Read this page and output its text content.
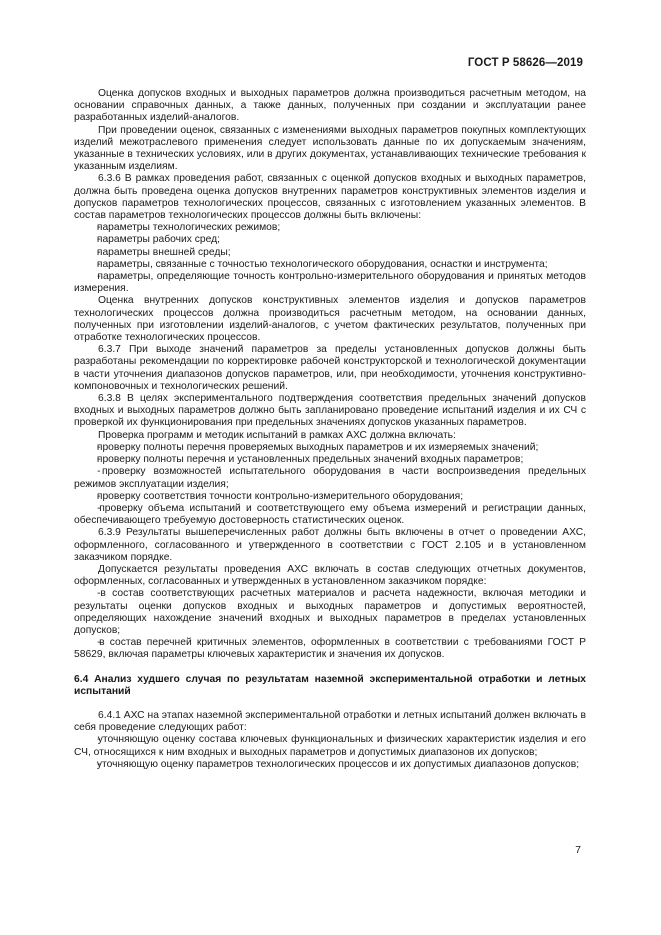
ГОСТ Р 58626—2019

Оценка допусков входных и выходных параметров должна производиться расчетным методом, на основании справочных данных, а также данных, полученных при создании и эксплуатации ранее разработанных изделий-аналогов.

При проведении оценок, связанных с изменениями выходных параметров покупных комплектующих изделий межотраслевого применения следует использовать данные по их допускаемым значениям, указанные в технических условиях, или в других документах, устанавливающих технические требования к указанным изделиям.

6.3.6 В рамках проведения работ, связанных с оценкой допусков входных и выходных параметров, должна быть проведена оценка допусков внутренних параметров конструктивных элементов изделия и допусков параметров технологических процессов, связанных с изготовлением указанных элементов. В состав параметров технологических процессов должны быть включены:

- параметры технологических режимов;

- параметры рабочих сред;

- параметры внешней среды;

- параметры, связанные с точностью технологического оборудования, оснастки и инструмента;

- параметры, определяющие точность контрольно-измерительного оборудования и принятых методов измерения.

Оценка внутренних допусков конструктивных элементов изделия и допусков параметров технологических процессов должна производиться расчетным методом, на основании данных, полученных при изготовлении изделий-аналогов, с учетом фактических результатов, полученных при отработке технологических процессов.

6.3.7 При выходе значений параметров за пределы установленных допусков должны быть разработаны рекомендации по корректировке рабочей конструкторской и технологической документации в части уточнения диапазонов допусков параметров, или, при необходимости, уточнения конструктивно-компоновочных и технологических решений.

6.3.8 В целях экспериментального подтверждения соответствия предельных значений допусков входных и выходных параметров должно быть запланировано проведение испытаний изделия и их СЧ с проверкой их функционирования при предельных значениях допусков указанных параметров.

Проверка программ и методик испытаний в рамках АХС должна включать:

- проверку полноты перечня проверяемых выходных параметров и их измеряемых значений;

- проверку полноты перечня и установленных предельных значений входных параметров;

- проверку возможностей испытательного оборудования в части воспроизведения предельных режимов эксплуатации изделия;

- проверку соответствия точности контрольно-измерительного оборудования;

- проверку объема испытаний и соответствующего ему объема измерений и регистрации данных, обеспечивающего требуемую достоверность статистических оценок.

6.3.9 Результаты вышеперечисленных работ должны быть включены в отчет о проведении АХС, оформленного, согласованного и утвержденного в соответствии с ГОСТ 2.105 и в установленном заказчиком порядке.

Допускается результаты проведения АХС включать в состав следующих отчетных документов, оформленных, согласованных и утвержденных в установленном заказчиком порядке:

- в состав соответствующих расчетных материалов и расчета надежности, включая методики и результаты оценки допусков входных и выходных параметров и допустимых вероятностей, определяющих нахождение значений входных и выходных параметров в пределах установленных допусков;

- в состав перечней критичных элементов, оформленных в соответствии с требованиями ГОСТ Р 58629, включая параметры ключевых характеристик и значения их допусков.

6.4 Анализ худшего случая по результатам наземной экспериментальной отработки и летных испытаний

6.4.1 АХС на этапах наземной экспериментальной отработки и летных испытаний должен включать в себя проведение следующих работ:

- уточняющую оценку состава ключевых функциональных и физических характеристик изделия и его СЧ, относящихся к ним входных и выходных параметров и допустимых диапазонов их допусков;

- уточняющую оценку параметров технологических процессов и их допустимых диапазонов допусков;

7
